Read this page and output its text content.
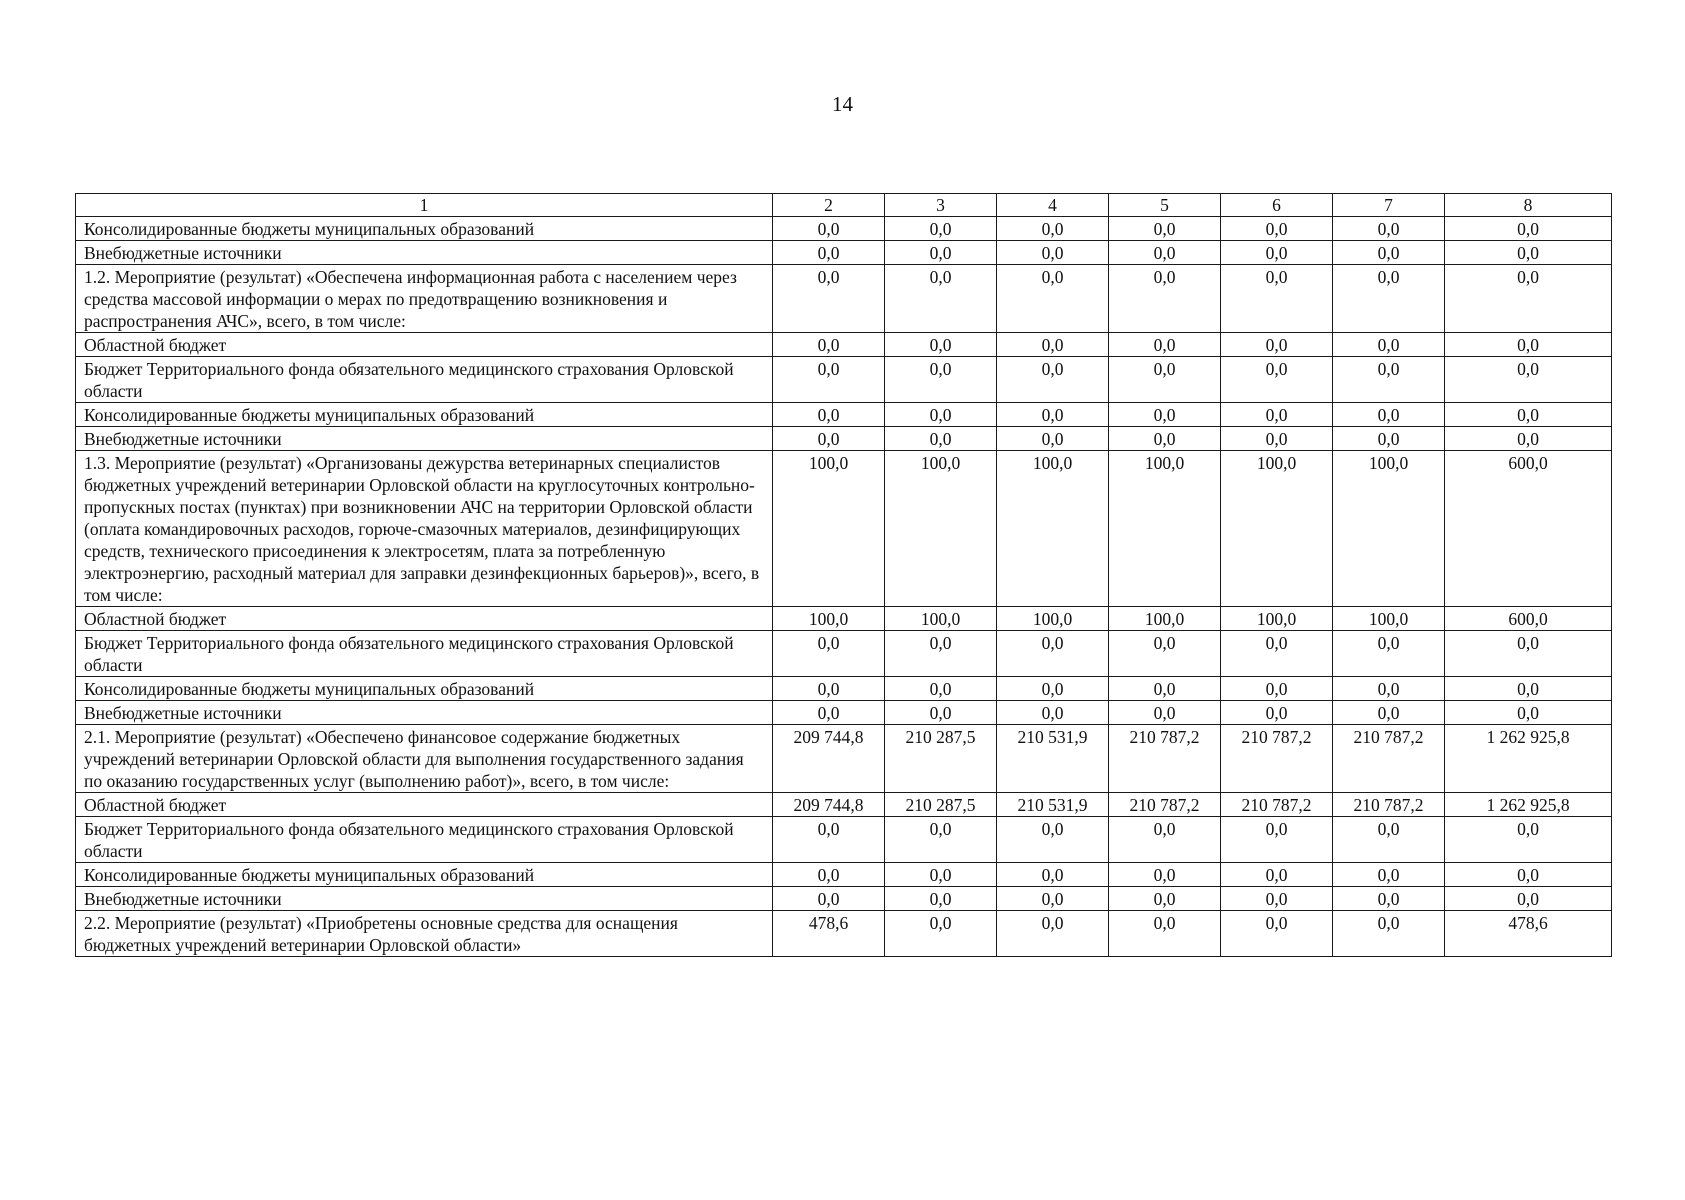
14
1	2	3	4	5	6	7	8
Консолидированные бюджеты муниципальных образований	0,0	0,0	0,0	0,0	0,0	0,0	0,0
Внебюджетные источники	0,0	0,0	0,0	0,0	0,0	0,0	0,0
1.2. Мероприятие (результат) «Обеспечена информационная работа с населением через средства массовой информации о мерах по предотвращению возникновения и распространения АЧС», всего, в том числе:	0,0	0,0	0,0	0,0	0,0	0,0	0,0
Областной бюджет	0,0	0,0	0,0	0,0	0,0	0,0	0,0
Бюджет Территориального фонда обязательного медицинского страхования Орловской области	0,0	0,0	0,0	0,0	0,0	0,0	0,0
Консолидированные бюджеты муниципальных образований	0,0	0,0	0,0	0,0	0,0	0,0	0,0
Внебюджетные источники	0,0	0,0	0,0	0,0	0,0	0,0	0,0
1.3. Мероприятие (результат) «Организованы дежурства ветеринарных специалистов бюджетных учреждений ветеринарии Орловской области на круглосуточных контрольно-пропускных постах (пунктах) при возникновении АЧС на территории Орловской области (оплата командировочных расходов, горюче-смазочных материалов, дезинфицирующих средств, технического присоединения к электросетям, плата за потребленную электроэнергию, расходный материал для заправки дезинфекционных барьеров)», всего, в том числе:	100,0	100,0	100,0	100,0	100,0	100,0	600,0
Областной бюджет	100,0	100,0	100,0	100,0	100,0	100,0	600,0
Бюджет Территориального фонда обязательного медицинского страхования Орловской области	0,0	0,0	0,0	0,0	0,0	0,0	0,0
Консолидированные бюджеты муниципальных образований	0,0	0,0	0,0	0,0	0,0	0,0	0,0
Внебюджетные источники	0,0	0,0	0,0	0,0	0,0	0,0	0,0
2.1. Мероприятие (результат) «Обеспечено финансовое содержание бюджетных учреждений ветеринарии Орловской области для выполнения государственного задания по оказанию государственных услуг (выполнению работ)», всего, в том числе:	209 744,8	210 287,5	210 531,9	210 787,2	210 787,2	210 787,2	1 262 925,8
Областной бюджет	209 744,8	210 287,5	210 531,9	210 787,2	210 787,2	210 787,2	1 262 925,8
Бюджет Территориального фонда обязательного медицинского страхования Орловской области	0,0	0,0	0,0	0,0	0,0	0,0	0,0
Консолидированные бюджеты муниципальных образований	0,0	0,0	0,0	0,0	0,0	0,0	0,0
Внебюджетные источники	0,0	0,0	0,0	0,0	0,0	0,0	0,0
2.2. Мероприятие (результат) «Приобретены основные средства для оснащения бюджетных учреждений ветеринарии Орловской области»	478,6	0,0	0,0	0,0	0,0	0,0	478,6
